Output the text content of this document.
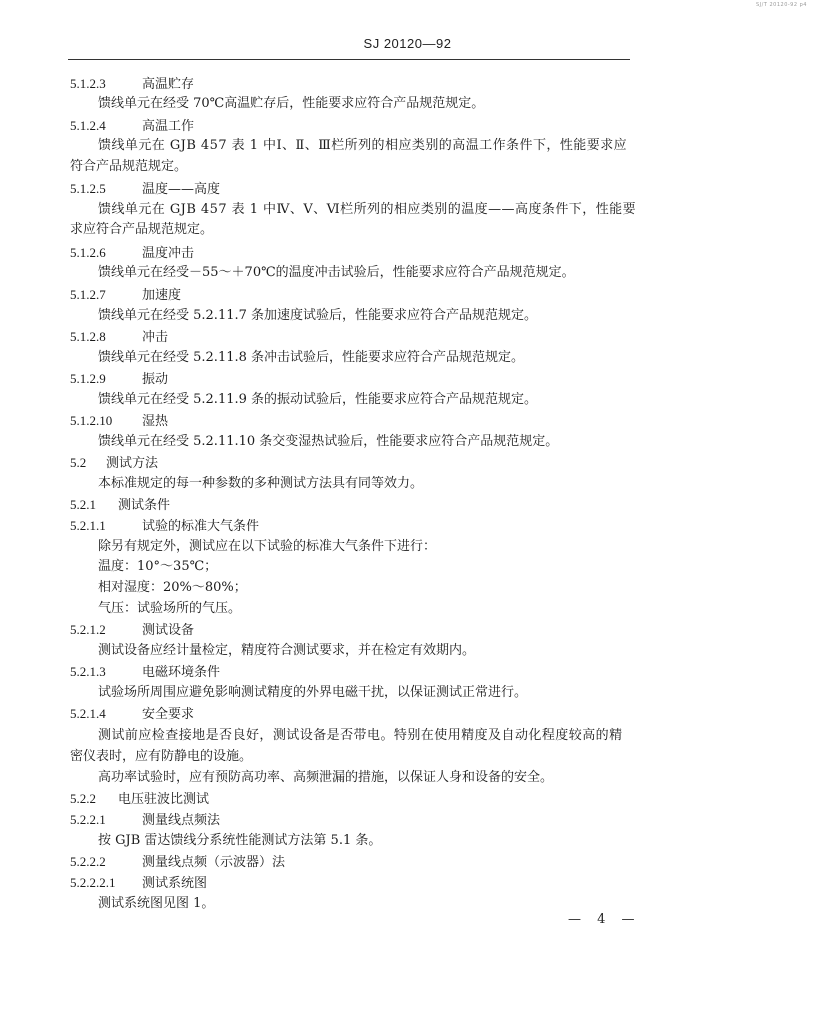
SJ/T 20120-92 p4
SJ 20120—92
5.1.2.3	高温贮存
馈线单元在经受 70℃高温贮存后，性能要求应符合产品规范规定。
5.1.2.4	高温工作
馈线单元在 GJB 457 表 1 中Ⅰ、Ⅱ、Ⅲ栏所列的相应类别的高温工作条件下，性能要求应
符合产品规范规定。
5.1.2.5	温度——高度
馈线单元在 GJB 457 表 1 中Ⅳ、Ⅴ、Ⅵ栏所列的相应类别的温度——高度条件下，性能要
求应符合产品规范规定。
5.1.2.6	温度冲击
馈线单元在经受－55～＋70℃的温度冲击试验后，性能要求应符合产品规范规定。
5.1.2.7	加速度
馈线单元在经受 5.2.11.7 条加速度试验后，性能要求应符合产品规范规定。
5.1.2.8	冲击
馈线单元在经受 5.2.11.8 条冲击试验后，性能要求应符合产品规范规定。
5.1.2.9	振动
馈线单元在经受 5.2.11.9 条的振动试验后，性能要求应符合产品规范规定。
5.1.2.10 湿热
馈线单元在经受 5.2.11.10 条交变湿热试验后，性能要求应符合产品规范规定。
5.2 测试方法
本标准规定的每一种参数的多种测试方法具有同等效力。
5.2.1 测试条件
5.2.1.1	试验的标准大气条件
除另有规定外，测试应在以下试验的标准大气条件下进行：
温度：10°～35℃；
相对湿度：20%～80%；
气压：试验场所的气压。
5.2.1.2	测试设备
测试设备应经计量检定，精度符合测试要求，并在检定有效期内。
5.2.1.3	电磁环境条件
试验场所周围应避免影响测试精度的外界电磁干扰，以保证测试正常进行。
5.2.1.4	安全要求
测试前应检查接地是否良好，测试设备是否带电。特别在使用精度及自动化程度较高的精
密仪表时，应有防静电的设施。
高功率试验时，应有预防高功率、高频泄漏的措施，以保证人身和设备的安全。
5.2.2 电压驻波比测试
5.2.2.1	测量线点频法
按 GJB 雷达馈线分系统性能测试方法第 5.1 条。
5.2.2.2	测量线点频（示波器）法
5.2.2.2.1 测试系统图
测试系统图见图 1。
— 4 —
